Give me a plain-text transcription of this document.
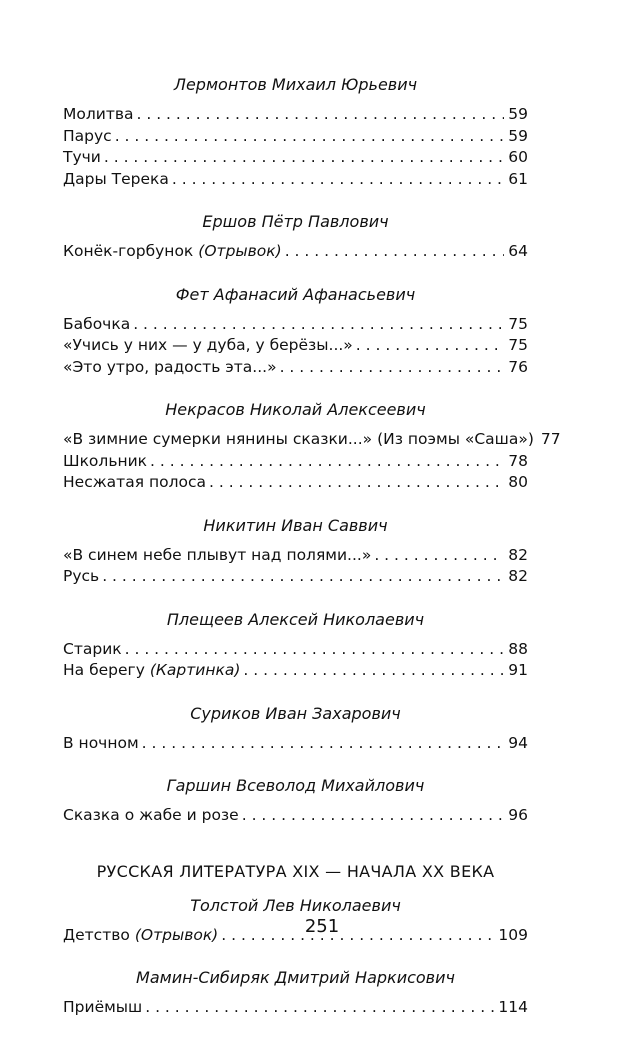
Лермонтов Михаил Юрьевич
Молитва . . .	59
Парус . . .	59
Тучи . . .	60
Дары Терека . . .	61
Ершов Пётр Павлович
Конёк-горбунок (Отрывок) . . .	64
Фет Афанасий Афанасьевич
Бабочка . . .	75
«Учись у них — у дуба, у берёзы...» . . .	75
«Это утро, радость эта...» . . .	76
Некрасов Николай Алексеевич
«В зимние сумерки нянины сказки...» (Из поэмы «Саша») 77
Школьник . . .	78
Несжатая полоса . . .	80
Никитин Иван Саввич
«В синем небе плывут над полями...» . . .	82
Русь . . .	82
Плещеев Алексей Николаевич
Старик . . .	88
На берегу (Картинка) . . .	91
Суриков Иван Захарович
В ночном . . .	94
Гаршин Всеволод Михайлович
Сказка о жабе и розе . . .	96
РУССКАЯ ЛИТЕРАТУРА XIX — НАЧАЛА XX ВЕКА
Толстой Лев Николаевич
Детство (Отрывок) . . .	109
Мамин-Сибиряк Дмитрий Наркисович
Приёмыш . . .	114
251
